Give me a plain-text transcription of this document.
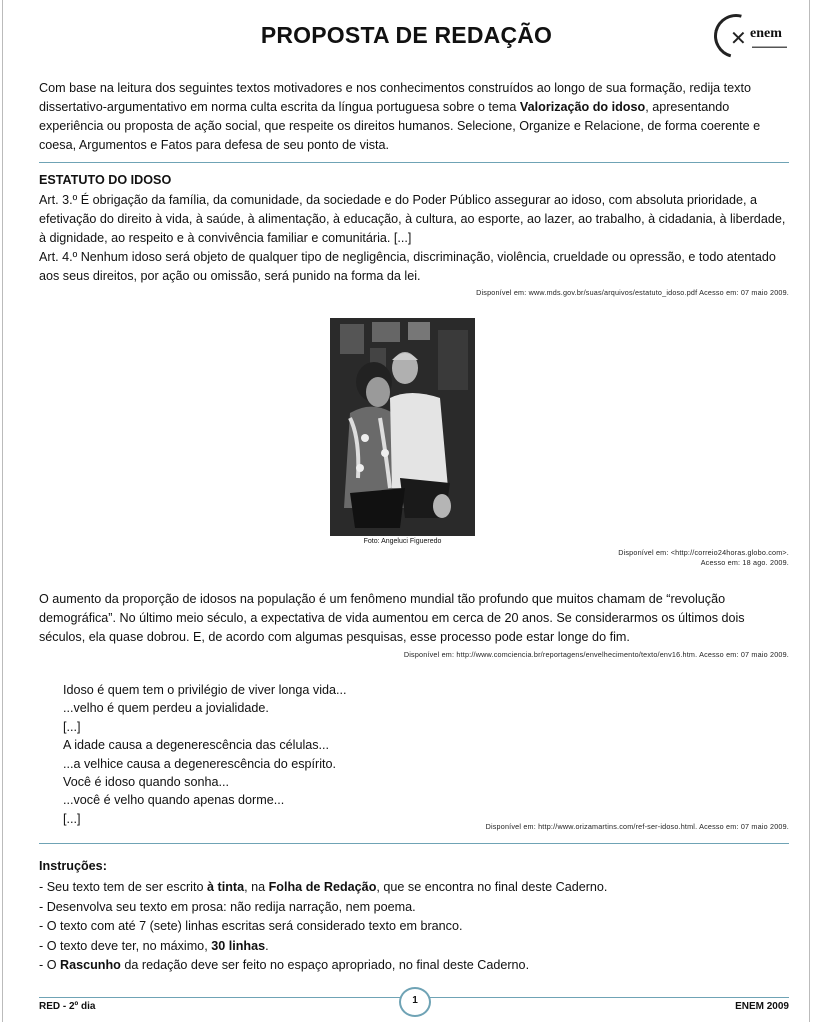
PROPOSTA DE REDAÇÃO	✕ enem
▬▬▬▬▬▬▬
Com base na leitura dos seguintes textos motivadores e nos conhecimentos construídos ao longo de sua formação, redija texto dissertativo-argumentativo em norma culta escrita da língua portuguesa sobre o tema Valorização do idoso, apresentando experiência ou proposta de ação social, que respeite os direitos humanos. Selecione, Organize e Relacione, de forma coerente e coesa, Argumentos e Fatos para defesa de seu ponto de vista.
ESTATUTO DO IDOSO
Art. 3.º É obrigação da família, da comunidade, da sociedade e do Poder Público assegurar ao idoso, com absoluta prioridade, a efetivação do direito à vida, à saúde, à alimentação, à educação, à cultura, ao esporte, ao lazer, ao trabalho, à cidadania, à liberdade, à dignidade, ao respeito e à convivência familiar e comunitária. [...]
Art. 4.º Nenhum idoso será objeto de qualquer tipo de negligência, discriminação, violência, crueldade ou opressão, e todo atentado aos seus direitos, por ação ou omissão, será punido na forma da lei.
Disponível em: www.mds.gov.br/suas/arquivos/estatuto_idoso.pdf Acesso em: 07 maio 2009.
Foto: Angeluci Figueredo
Disponível em: <http://correio24horas.globo.com>.
Acesso em: 18 ago. 2009.
O aumento da proporção de idosos na população é um fenômeno mundial tão profundo que muitos chamam de “revolução demográfica”. No último meio século, a expectativa de vida aumentou em cerca de 20 anos. Se considerarmos os últimos dois séculos, ela quase dobrou. E, de acordo com algumas pesquisas, esse processo pode estar longe do fim.
Disponível em: http://www.comciencia.br/reportagens/envelhecimento/texto/env16.htm. Acesso em: 07 maio 2009.
Idoso é quem tem o privilégio de viver longa vida...
...velho é quem perdeu a jovialidade.
[...]
A idade causa a degenerescência das células...
...a velhice causa a degenerescência do espírito.
Você é idoso quando sonha...
...você é velho quando apenas dorme...
[...]
Disponível em: http://www.orizamartins.com/ref-ser-idoso.html. Acesso em: 07 maio 2009.
Instruções:
- Seu texto tem de ser escrito à tinta, na Folha de Redação, que se encontra no final deste Caderno.
- Desenvolva seu texto em prosa: não redija narração, nem poema.
- O texto com até 7 (sete) linhas escritas será considerado texto em branco.
- O texto deve ter, no máximo, 30 linhas.
- O Rascunho da redação deve ser feito no espaço apropriado, no final deste Caderno.
RED - 2º dia
1
ENEM 2009
